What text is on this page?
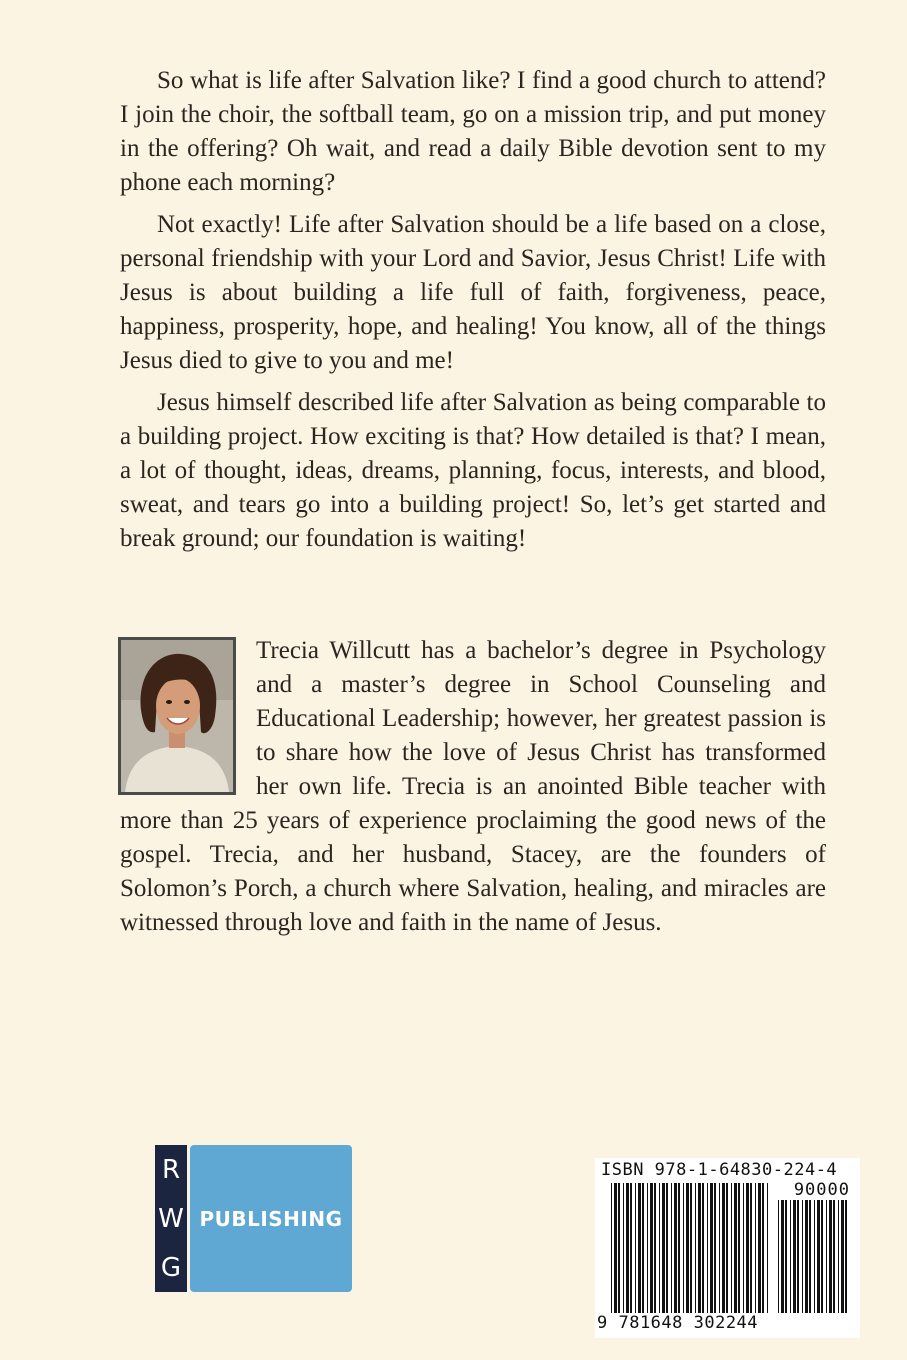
So what is life after Salvation like? I find a good church to attend? I join the choir, the softball team, go on a mission trip, and put money in the offering? Oh wait, and read a daily Bible devotion sent to my phone each morning?

Not exactly! Life after Salvation should be a life based on a close, personal friendship with your Lord and Savior, Jesus Christ! Life with Jesus is about building a life full of faith, forgiveness, peace, happiness, prosperity, hope, and healing! You know, all of the things Jesus died to give to you and me!

Jesus himself described life after Salvation as being comparable to a building project. How exciting is that? How detailed is that? I mean, a lot of thought, ideas, dreams, planning, focus, interests, and blood, sweat, and tears go into a building project! So, let’s get started and break ground; our foundation is waiting!

Trecia Willcutt has a bachelor’s degree in Psychology and a master’s degree in School Counseling and Educational Leadership; however, her greatest passion is to share how the love of Jesus Christ has transformed her own life. Trecia is an anointed Bible teacher with more than 25 years of experience proclaiming the good news of the gospel. Trecia, and her husband, Stacey, are the founders of Solomon’s Porch, a church where Salvation, healing, and miracles are witnessed through love and faith in the name of Jesus.
R
W
G
PUBLISHING
ISBN 978-1-64830-224-4
90000
9 781648 302244
